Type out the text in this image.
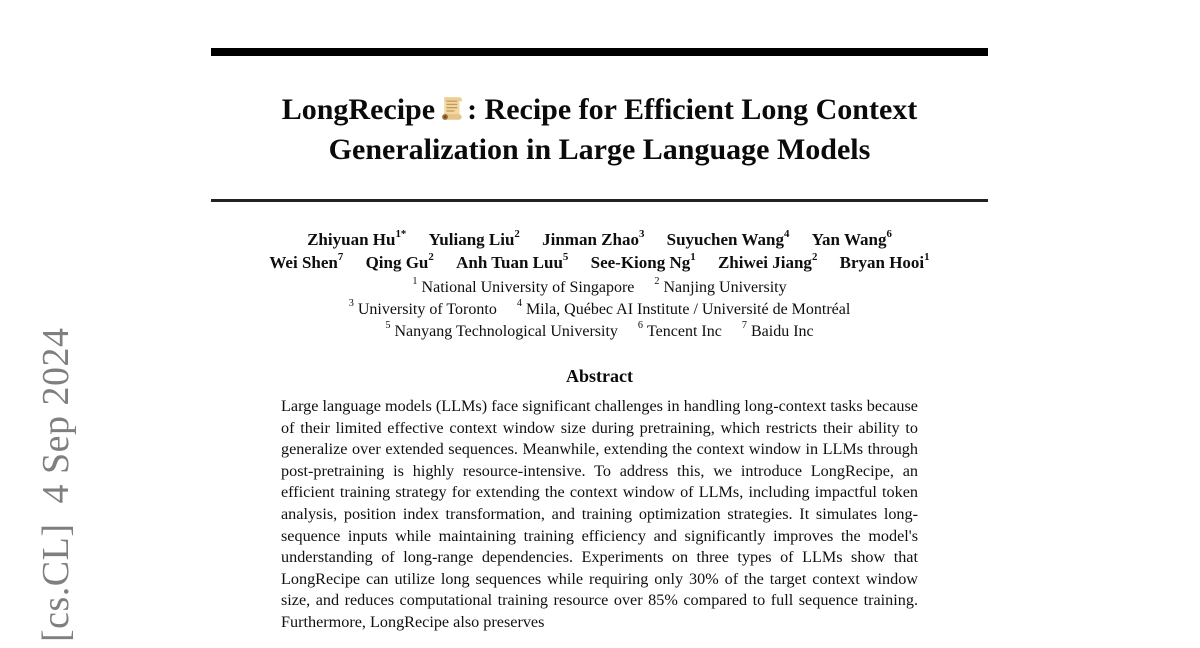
[cs.CL]  4 Sep 2024
LongRecipe : Recipe for Efficient Long Context
Generalization in Large Language Models
Zhiyuan $Hu^{1*}$ Yuliang Liu$^2$ Jinman Zhao$^3$ Suyuchen Wang$^4$ Yan Wang$^6$
Wei Shen$^7$ Qing Gu$^2$ Anh Tuan Luu$^5$ See-Kiong Ng$^1$ Zhiwei Jiang$^2$ Bryan Hooi$^1$
$^1$ National University of Singapore $^2$ Nanjing University
$^3$ University of Toronto $^4$ Mila, Québec AI Institute / Université de Montréal
$^5$ Nanyang Technological University $^6$ Tencent Inc $^7$ Baidu Inc
Abstract

Large language models (LLMs) face significant challenges in handling long-context tasks because of their limited effective context window size during pretraining, which restricts their ability to generalize over extended sequences. Meanwhile, extending the context window in LLMs through post-pretraining is highly resource-intensive. To address this, we introduce LongRecipe, an efficient training strategy for extending the context window of LLMs, including impactful token analysis, position index transformation, and training optimization strategies. It simulates long-sequence inputs while maintaining training efficiency and significantly improves the model's understanding of long-range dependencies. Experiments on three types of LLMs show that LongRecipe can utilize long sequences while requiring only 30% of the target context window size, and reduces computational training resource over 85% compared to full sequence training. Furthermore, LongRecipe also preserves
